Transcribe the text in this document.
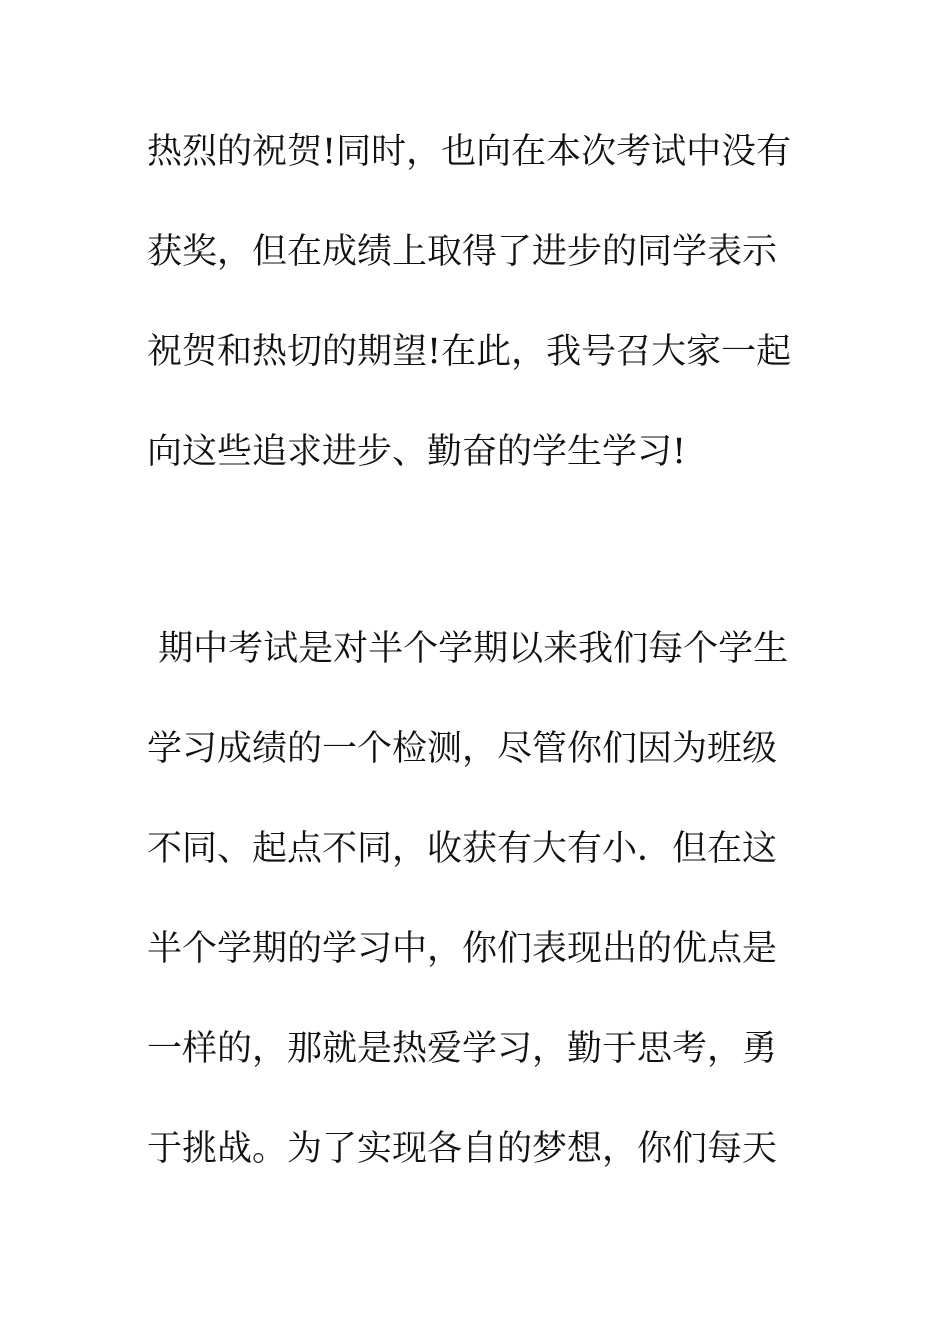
热烈的祝贺!同时，也向在本次考试中没有
获奖，但在成绩上取得了进步的同学表示
祝贺和热切的期望!在此，我号召大家一起
向这些追求进步、勤奋的学生学习!
期中考试是对半个学期以来我们每个学生
学习成绩的一个检测，尽管你们因为班级
不同、起点不同，收获有大有小．但在这
半个学期的学习中，你们表现出的优点是
一样的，那就是热爱学习，勤于思考，勇
于挑战。为了实现各自的梦想，你们每天
